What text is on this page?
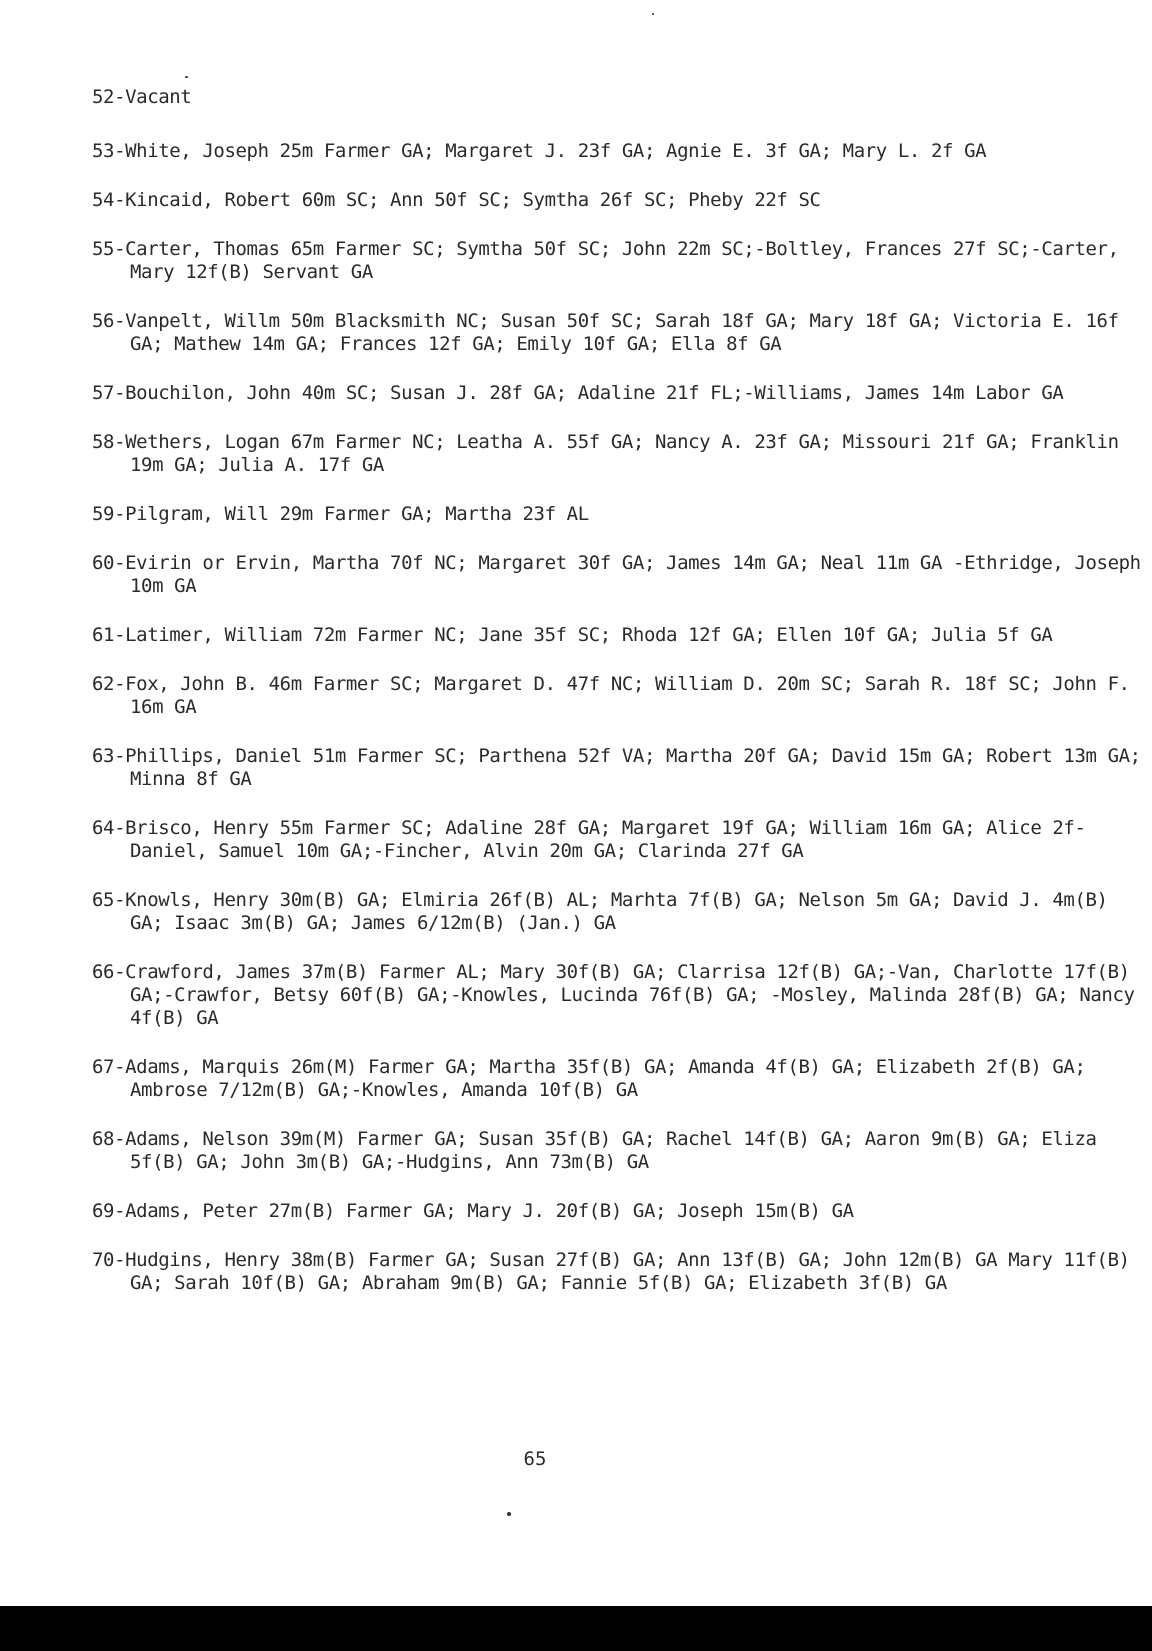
52-Vacant
53-White, Joseph 25m Farmer GA; Margaret J. 23f GA; Agnie E. 3f GA; Mary L. 2f GA
54-Kincaid, Robert 60m SC; Ann 50f SC; Symtha 26f SC; Pheby 22f SC
55-Carter, Thomas 65m Farmer SC; Symtha 50f SC; John 22m SC;-Boltley, Frances 27f SC;-Carter, Mary 12f(B) Servant GA
56-Vanpelt, Willm 50m Blacksmith NC; Susan 50f SC; Sarah 18f GA; Mary 18f GA; Victoria E. 16f GA; Mathew 14m GA; Frances 12f GA; Emily 10f GA; Ella 8f GA
57-Bouchilon, John 40m SC; Susan J. 28f GA; Adaline 21f FL;-Williams, James 14m Labor GA
58-Wethers, Logan 67m Farmer NC; Leatha A. 55f GA; Nancy A. 23f GA; Missouri 21f GA; Franklin 19m GA; Julia A. 17f GA
59-Pilgram, Will 29m Farmer GA; Martha 23f AL
60-Evirin or Ervin, Martha 70f NC; Margaret 30f GA; James 14m GA; Neal 11m GA -Ethridge, Joseph 10m GA
61-Latimer, William 72m Farmer NC; Jane 35f SC; Rhoda 12f GA; Ellen 10f GA; Julia 5f GA
62-Fox, John B. 46m Farmer SC; Margaret D. 47f NC; William D. 20m SC; Sarah R. 18f SC; John F. 16m GA
63-Phillips, Daniel 51m Farmer SC; Parthena 52f VA; Martha 20f GA; David 15m GA; Robert 13m GA; Minna 8f GA
64-Brisco, Henry 55m Farmer SC; Adaline 28f GA; Margaret 19f GA; William 16m GA; Alice 2f-Daniel, Samuel 10m GA;-Fincher, Alvin 20m GA; Clarinda 27f GA
65-Knowls, Henry 30m(B) GA; Elmiria 26f(B) AL; Marhta 7f(B) GA; Nelson 5m GA; David J. 4m(B) GA; Isaac 3m(B) GA; James 6/12m(B) (Jan.) GA
66-Crawford, James 37m(B) Farmer AL; Mary 30f(B) GA; Clarrisa 12f(B) GA;-Van, Charlotte 17f(B) GA;-Crawfor, Betsy 60f(B) GA;-Knowles, Lucinda 76f(B) GA; -Mosley, Malinda 28f(B) GA; Nancy 4f(B) GA
67-Adams, Marquis 26m(M) Farmer GA; Martha 35f(B) GA; Amanda 4f(B) GA; Elizabeth 2f(B) GA; Ambrose 7/12m(B) GA;-Knowles, Amanda 10f(B) GA
68-Adams, Nelson 39m(M) Farmer GA; Susan 35f(B) GA; Rachel 14f(B) GA; Aaron 9m(B) GA; Eliza 5f(B) GA; John 3m(B) GA;-Hudgins, Ann 73m(B) GA
69-Adams, Peter 27m(B) Farmer GA; Mary J. 20f(B) GA; Joseph 15m(B) GA
70-Hudgins, Henry 38m(B) Farmer GA; Susan 27f(B) GA; Ann 13f(B) GA; John 12m(B) GA Mary 11f(B) GA; Sarah 10f(B) GA; Abraham 9m(B) GA; Fannie 5f(B) GA; Elizabeth 3f(B) GA
65
